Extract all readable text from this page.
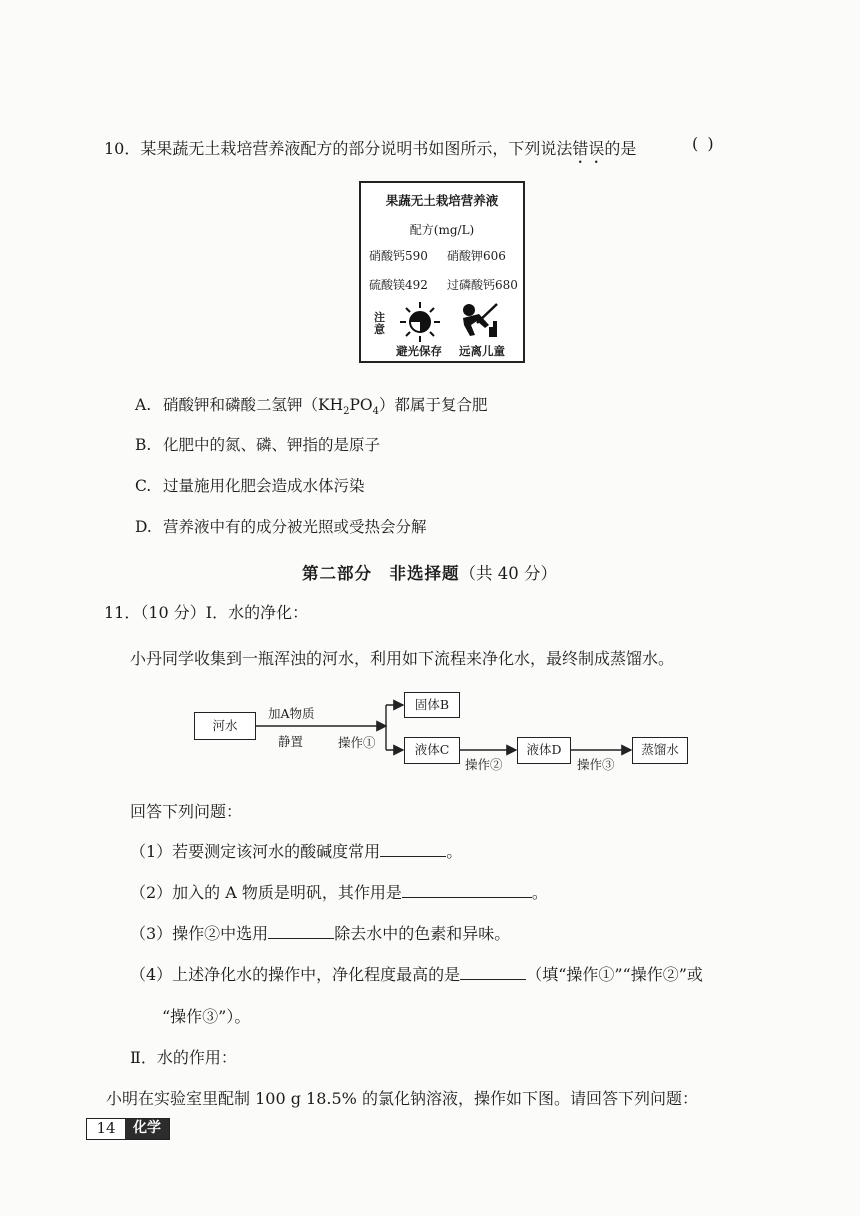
10．某果蔬无土栽培营养液配方的部分说明书如图所示，下列说法错误的是	( )
果蔬无土栽培营养液
配方(mg/L)
硝酸钙590 硝酸钾606
硫酸镁492 过磷酸钙680
注意
避光保存 远离儿童
A. 硝酸钾和磷酸二氢钾$(KH_2PO_4)$都属于复合肥
B. 化肥中的氮、磷、钾指的是原子
C. 过量施用化肥会造成水体污染
D. 营养液中有的成分被光照或受热会分解
第二部分　非选择题（共 40 分）
11．（10 分）Ⅰ．水的净化：
小丹同学收集到一瓶浑浊的河水，利用如下流程来净化水，最终制成蒸馏水。
河水
加A物质
静置	操作①
固体B
液体C
操作②
液体D
操作③
蒸馏水
回答下列问题：
（1）若要测定该河水的酸碱度常用	。
（2）加入的 A 物质是明矾，其作用是	。
（3）操作②中选用	除去水中的色素和异味。
（4）上述净化水的操作中，净化程度最高的是	（填“操作①”“操作②”或
“操作③”）。
Ⅱ．水的作用：
小明在实验室里配制 100 g 18.5% 的氯化钠溶液，操作如下图。请回答下列问题：
14	化学
